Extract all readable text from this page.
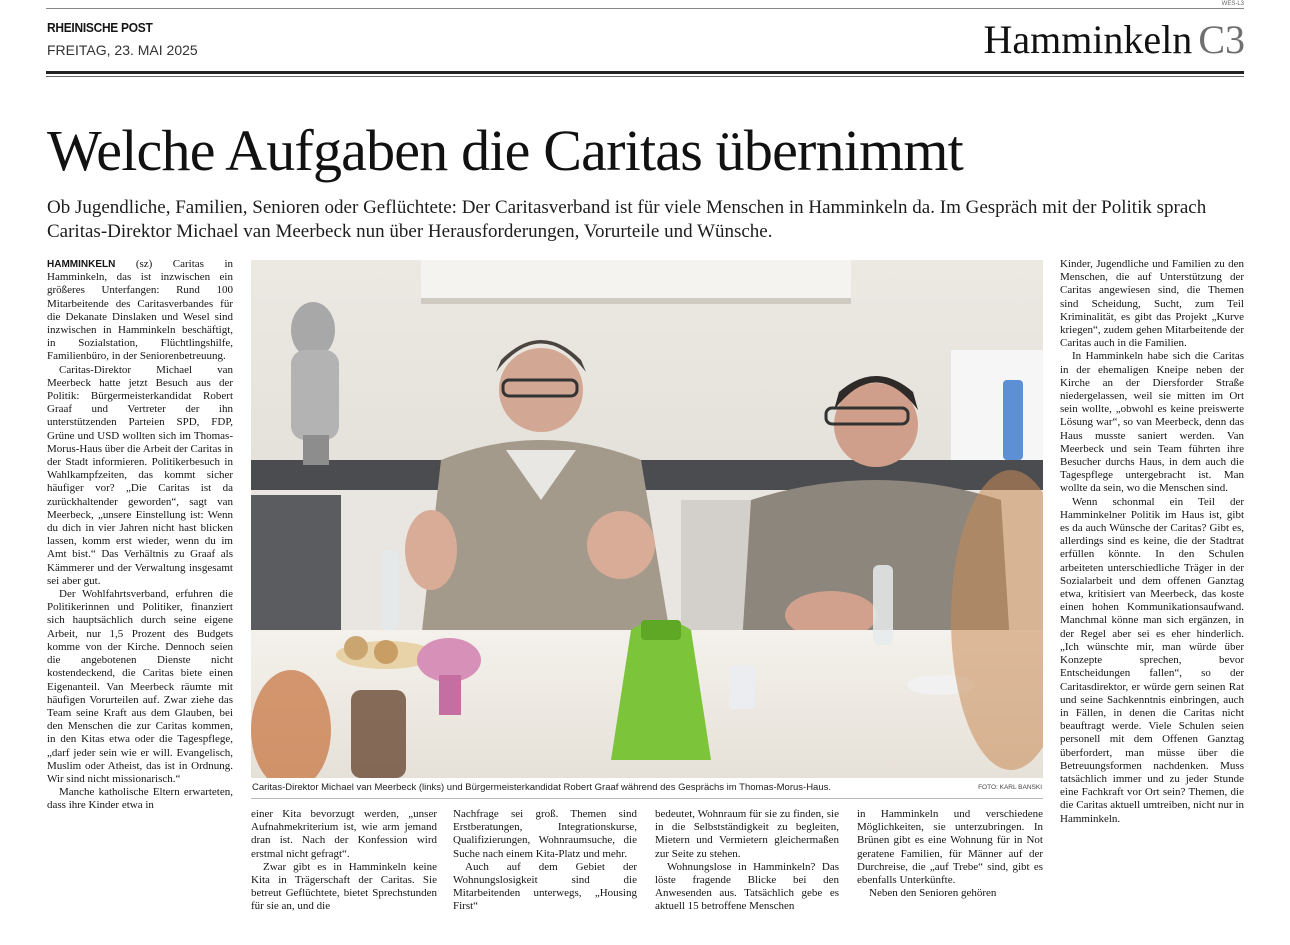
WES-L3
RHEINISCHE POST
FREITAG, 23. MAI 2025	Hamminkeln C3
Welche Aufgaben die Caritas übernimmt
Ob Jugendliche, Familien, Senioren oder Geflüchtete: Der Caritasverband ist für viele Menschen in Hamminkeln da. Im Gespräch mit der Politik sprach Caritas-Direktor Michael van Meerbeck nun über Herausforderungen, Vorurteile und Wünsche.

HAMMINKELN (sz) Caritas in Hamminkeln, das ist inzwischen ein größeres Unterfangen: Rund 100 Mitarbeitende des Caritasverbandes für die Dekanate Dinslaken und Wesel sind inzwischen in Hamminkeln beschäftigt, in Sozialstation, Flüchtlingshilfe, Familienbüro, in der Seniorenbetreuung.

Caritas-Direktor Michael van Meerbeck hatte jetzt Besuch aus der Politik: Bürgermeisterkandidat Robert Graaf und Vertreter der ihn unterstützenden Parteien SPD, FDP, Grüne und USD wollten sich im Thomas-Morus-Haus über die Arbeit der Caritas in der Stadt informieren. Politikerbesuch in Wahlkampfzeiten, das kommt sicher häufiger vor? „Die Caritas ist da zurückhaltender geworden“, sagt van Meerbeck, „unsere Einstellung ist: Wenn du dich in vier Jahren nicht hast blicken lassen, komm erst wieder, wenn du im Amt bist.“ Das Verhältnis zu Graaf als Kämmerer und der Verwaltung insgesamt sei aber gut.

Der Wohlfahrtsverband, erfuhren die Politikerinnen und Politiker, finanziert sich hauptsächlich durch seine eigene Arbeit, nur 1,5 Prozent des Budgets komme von der Kirche. Dennoch seien die angebotenen Dienste nicht kostendeckend, die Caritas biete einen Eigenanteil. Van Meerbeck räumte mit häufigen Vorurteilen auf. Zwar ziehe das Team seine Kraft aus dem Glauben, bei den Menschen die zur Caritas kommen, in den Kitas etwa oder die Tagespflege, „darf jeder sein wie er will. Evangelisch, Muslim oder Atheist, das ist in Ordnung. Wir sind nicht missionarisch.“

Manche katholische Eltern erwarteten, dass ihre Kinder etwa in

Caritas-Direktor Michael van Meerbeck (links) und Bürgermeisterkandidat Robert Graaf während des Gesprächs im Thomas-Morus-Haus.	FOTO: KARL BANSKI

einer Kita bevorzugt werden, „unser Aufnahmekriterium ist, wie arm jemand dran ist. Nach der Konfession wird erstmal nicht gefragt“.

Zwar gibt es in Hamminkeln keine Kita in Trägerschaft der Caritas. Sie betreut Geflüchtete, bietet Sprechstunden für sie an, und die

Nachfrage sei groß. Themen sind Erstberatungen, Integrationskurse, Qualifizierungen, Wohnraumsuche, die Suche nach einem Kita-Platz und mehr.

Auch auf dem Gebiet der Wohnungslosigkeit sind die Mitarbeitenden unterwegs, „Housing First“

bedeutet, Wohnraum für sie zu finden, sie in die Selbstständigkeit zu begleiten, Mietern und Vermietern gleichermaßen zur Seite zu stehen.

Wohnungslose in Hamminkeln? Das löste fragende Blicke bei den Anwesenden aus. Tatsächlich gebe es aktuell 15 betroffene Menschen

in Hamminkeln und verschiedene Möglichkeiten, sie unterzubringen. In Brünen gibt es eine Wohnung für in Not geratene Familien, für Männer auf der Durchreise, die „auf Trebe“ sind, gibt es ebenfalls Unterkünfte.

Neben den Senioren gehören

Kinder, Jugendliche und Familien zu den Menschen, die auf Unterstützung der Caritas angewiesen sind, die Themen sind Scheidung, Sucht, zum Teil Kriminalität, es gibt das Projekt „Kurve kriegen“, zudem gehen Mitarbeitende der Caritas auch in die Familien.

In Hamminkeln habe sich die Caritas in der ehemaligen Kneipe neben der Kirche an der Diersforder Straße niedergelassen, weil sie mitten im Ort sein wollte, „obwohl es keine preiswerte Lösung war“, so van Meerbeck, denn das Haus musste saniert werden. Van Meerbeck und sein Team führten ihre Besucher durchs Haus, in dem auch die Tagespflege untergebracht ist. Man wollte da sein, wo die Menschen sind.

Wenn schonmal ein Teil der Hamminkelner Politik im Haus ist, gibt es da auch Wünsche der Caritas? Gibt es, allerdings sind es keine, die der Stadtrat erfüllen könnte. In den Schulen arbeiteten unterschiedliche Träger in der Sozialarbeit und dem offenen Ganztag etwa, kritisiert van Meerbeck, das koste einen hohen Kommunikationsaufwand. Manchmal könne man sich ergänzen, in der Regel aber sei es eher hinderlich. „Ich wünschte mir, man würde über Konzepte sprechen, bevor Entscheidungen fallen“, so der Caritasdirektor, er würde gern seinen Rat und seine Sachkenntnis einbringen, auch in Fällen, in denen die Caritas nicht beauftragt werde. Viele Schulen seien personell mit dem Offenen Ganztag überfordert, man müsse über die Betreuungsformen nachdenken. Muss tatsächlich immer und zu jeder Stunde eine Fachkraft vor Ort sein? Themen, die die Caritas aktuell umtreiben, nicht nur in Hamminkeln.
